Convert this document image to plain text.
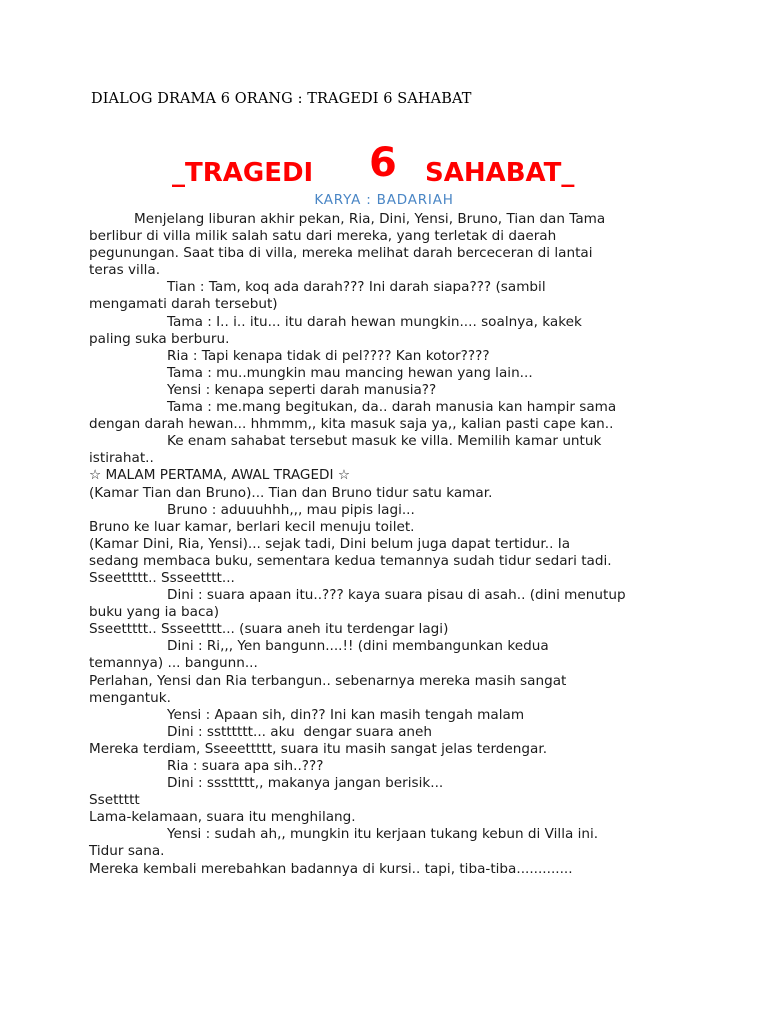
DIALOG DRAMA 6 ORANG : TRAGEDI 6 SAHABAT
_TRAGEDI 6 SAHABAT_
KARYA : BADARIAH
Menjelang liburan akhir pekan, Ria, Dini, Yensi, Bruno, Tian dan Tama
berlibur di villa milik salah satu dari mereka, yang terletak di daerah
pegunungan. Saat tiba di villa, mereka melihat darah berceceran di lantai
teras villa.
Tian : Tam, koq ada darah??? Ini darah siapa??? (sambil
mengamati darah tersebut)
Tama : I.. i.. itu... itu darah hewan mungkin.... soalnya, kakek
paling suka berburu.
Ria : Tapi kenapa tidak di pel???? Kan kotor????
Tama : mu..mungkin mau mancing hewan yang lain...
Yensi : kenapa seperti darah manusia??
Tama : me.mang begitukan, da.. darah manusia kan hampir sama
dengan darah hewan... hhmmm,, kita masuk saja ya,, kalian pasti cape kan..
Ke enam sahabat tersebut masuk ke villa. Memilih kamar untuk
istirahat..
☆ MALAM PERTAMA, AWAL TRAGEDI ☆
(Kamar Tian dan Bruno)... Tian dan Bruno tidur satu kamar.
Bruno : aduuuhhh,,, mau pipis lagi...
Bruno ke luar kamar, berlari kecil menuju toilet.
(Kamar Dini, Ria, Yensi)... sejak tadi, Dini belum juga dapat tertidur.. Ia
sedang membaca buku, sementara kedua temannya sudah tidur sedari tadi.
Sseettttt.. Ssseetttt...
Dini : suara apaan itu..??? kaya suara pisau di asah.. (dini menutup
buku yang ia baca)
Sseettttt.. Ssseetttt... (suara aneh itu terdengar lagi)
Dini : Ri,,, Yen bangunn....!! (dini membangunkan kedua
temannya) ... bangunn...
Perlahan, Yensi dan Ria terbangun.. sebenarnya mereka masih sangat
mengantuk.
Yensi : Apaan sih, din?? Ini kan masih tengah malam
Dini : sstttttt... aku  dengar suara aneh
Mereka terdiam, Sseeettttt, suara itu masih sangat jelas terdengar.
Ria : suara apa sih..???
Dini : sssttttt,, makanya jangan berisik...
Ssettttt
Lama-kelamaan, suara itu menghilang.
Yensi : sudah ah,, mungkin itu kerjaan tukang kebun di Villa ini.
Tidur sana.
Mereka kembali merebahkan badannya di kursi.. tapi, tiba-tiba.............
